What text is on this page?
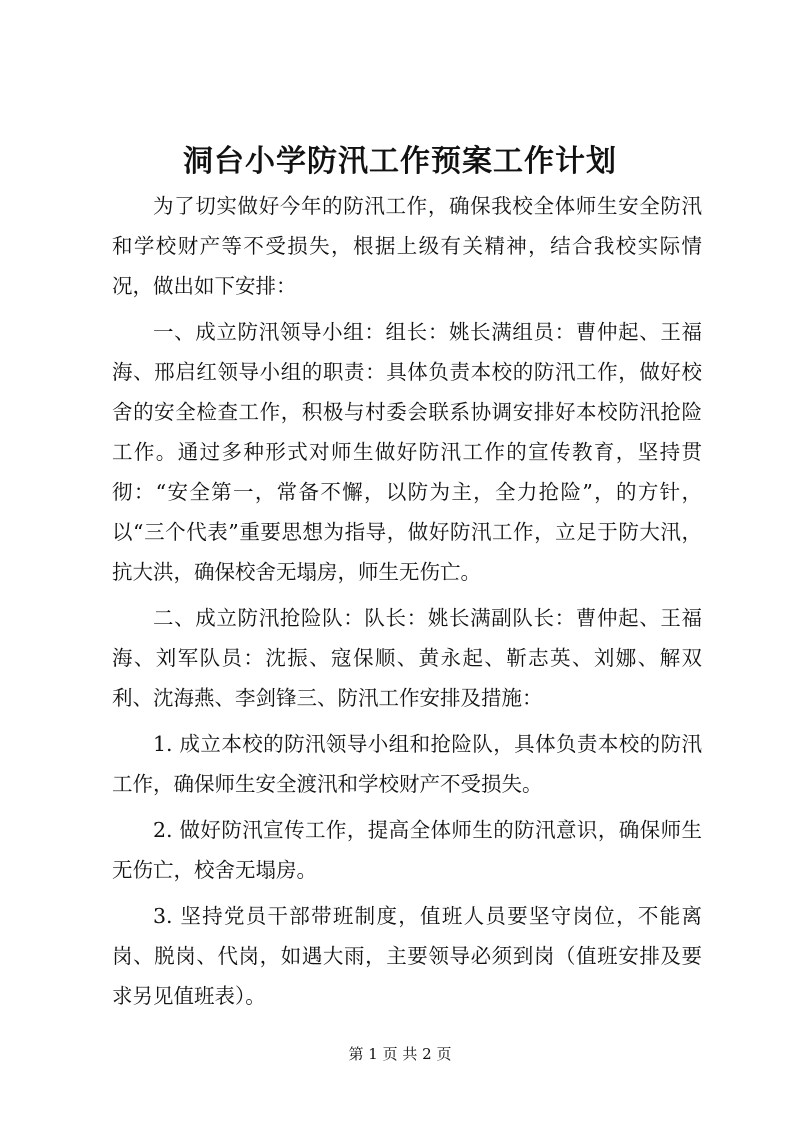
洞台小学防汛工作预案工作计划

为了切实做好今年的防汛工作，确保我校全体师生安全防汛和学校财产等不受损失，根据上级有关精神，结合我校实际情况，做出如下安排：

一、成立防汛领导小组：组长：姚长满组员：曹仲起、王福海、邢启红领导小组的职责：具体负责本校的防汛工作，做好校舍的安全检查工作，积极与村委会联系协调安排好本校防汛抢险工作。通过多种形式对师生做好防汛工作的宣传教育，坚持贯彻：“安全第一，常备不懈，以防为主，全力抢险”，的方针，以“三个代表”重要思想为指导，做好防汛工作，立足于防大汛，抗大洪，确保校舍无塌房，师生无伤亡。

二、成立防汛抢险队：队长：姚长满副队长：曹仲起、王福海、刘军队员：沈振、寇保顺、黄永起、靳志英、刘娜、解双利、沈海燕、李剑锋三、防汛工作安排及措施：

1. 成立本校的防汛领导小组和抢险队，具体负责本校的防汛工作，确保师生安全渡汛和学校财产不受损失。

2. 做好防汛宣传工作，提高全体师生的防汛意识，确保师生无伤亡，校舍无塌房。

3. 坚持党员干部带班制度，值班人员要坚守岗位，不能离岗、脱岗、代岗，如遇大雨，主要领导必须到岗（值班安排及要求另见值班表）。

第 1 页 共 2 页
